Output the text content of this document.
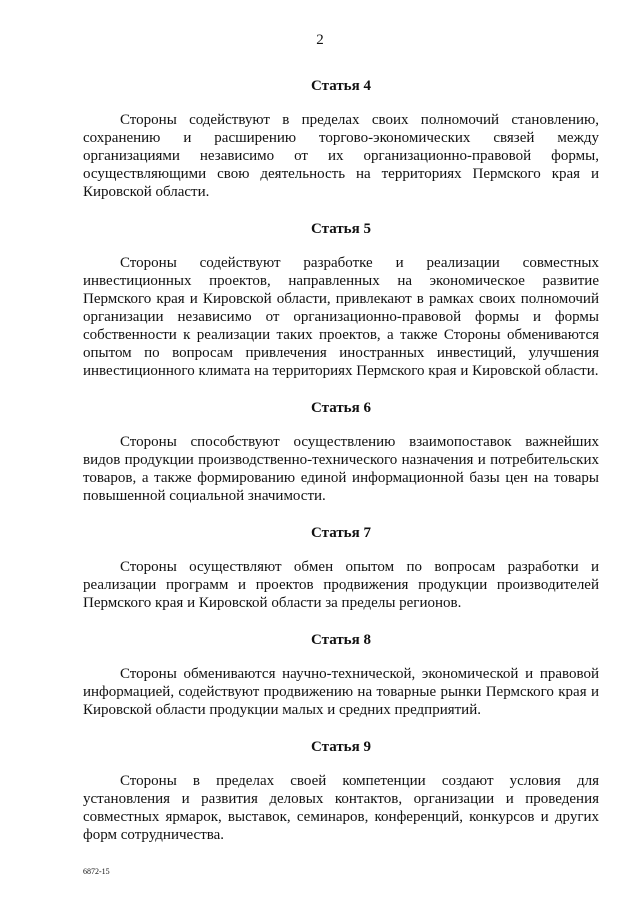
2
Статья 4

Стороны содействуют в пределах своих полномочий становлению, сохранению и расширению торгово-экономических связей между организациями независимо от их организационно-правовой формы, осуществляющими свою деятельность на территориях Пермского края и Кировской области.

Статья 5

Стороны содействуют разработке и реализации совместных инвестиционных проектов, направленных на экономическое развитие Пермского края и Кировской области, привлекают в рамках своих полномочий организации независимо от организационно-правовой формы и формы собственности к реализации таких проектов, а также Стороны обмениваются опытом по вопросам привлечения иностранных инвестиций, улучшения инвестиционного климата на территориях Пермского края и Кировской области.

Статья 6

Стороны способствуют осуществлению взаимопоставок важнейших видов продукции производственно-технического назначения и потребительских товаров, а также формированию единой информационной базы цен на товары повышенной социальной значимости.

Статья 7

Стороны осуществляют обмен опытом по вопросам разработки и реализации программ и проектов продвижения продукции производителей Пермского края и Кировской области за пределы регионов.

Статья 8

Стороны обмениваются научно-технической, экономической и правовой информацией, содействуют продвижению на товарные рынки Пермского края и Кировской области продукции малых и средних предприятий.

Статья 9

Стороны в пределах своей компетенции создают условия для установления и развития деловых контактов, организации и проведения совместных ярмарок, выставок, семинаров, конференций, конкурсов и других форм сотрудничества.

6872-15
